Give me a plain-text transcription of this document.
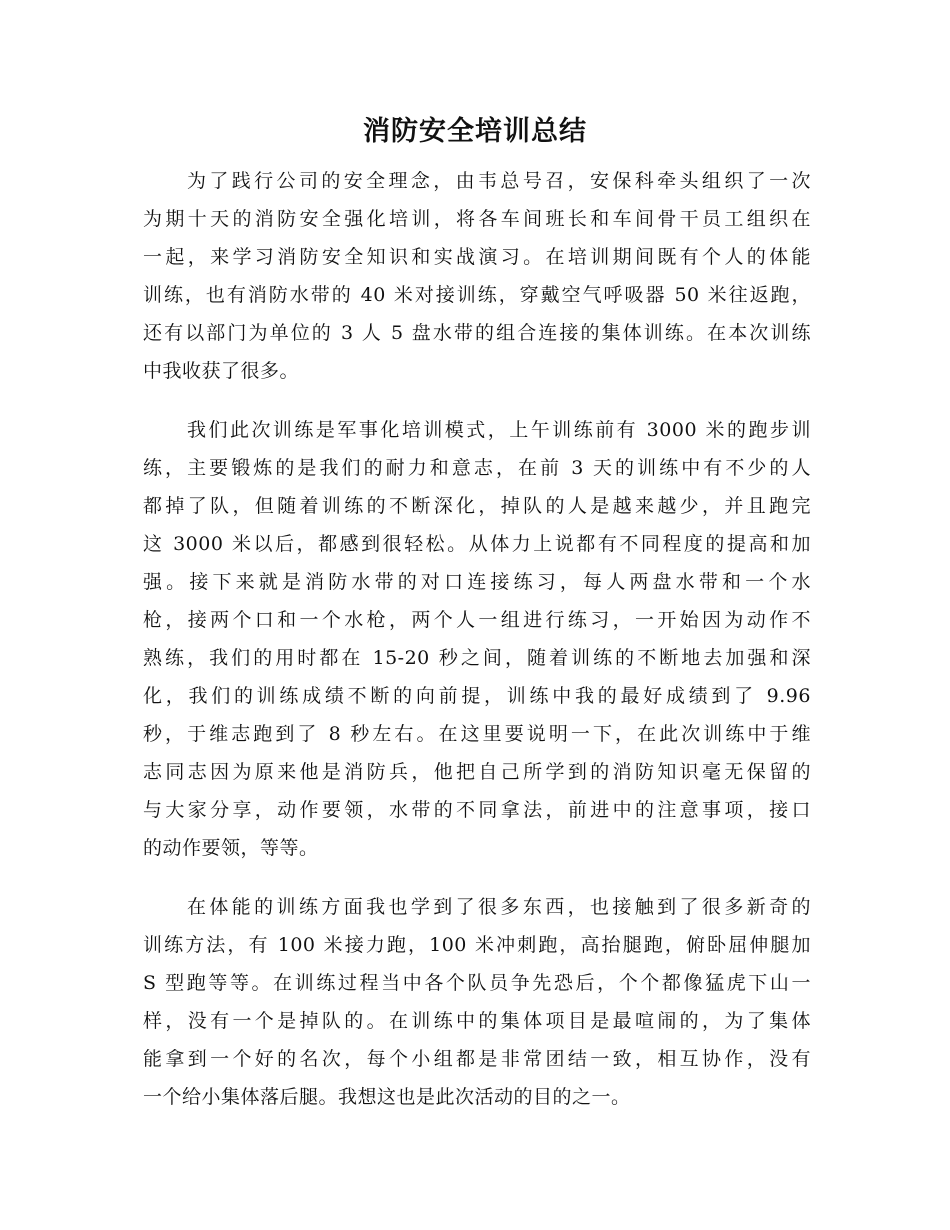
消防安全培训总结

为了践行公司的安全理念，由韦总号召，安保科牵头组织了一次
为期十天的消防安全强化培训，将各车间班长和车间骨干员工组织在
一起，来学习消防安全知识和实战演习。在培训期间既有个人的体能
训练，也有消防水带的 40 米对接训练，穿戴空气呼吸器 50 米往返跑，
还有以部门为单位的 3 人 5 盘水带的组合连接的集体训练。在本次训练
中我收获了很多。

我们此次训练是军事化培训模式，上午训练前有 3000 米的跑步训
练，主要锻炼的是我们的耐力和意志，在前 3 天的训练中有不少的人
都掉了队，但随着训练的不断深化，掉队的人是越来越少，并且跑完
这 3000 米以后，都感到很轻松。从体力上说都有不同程度的提高和加
强。接下来就是消防水带的对口连接练习，每人两盘水带和一个水
枪，接两个口和一个水枪，两个人一组进行练习，一开始因为动作不
熟练，我们的用时都在 15-20 秒之间，随着训练的不断地去加强和深
化，我们的训练成绩不断的向前提，训练中我的最好成绩到了 9.96
秒，于维志跑到了 8 秒左右。在这里要说明一下，在此次训练中于维
志同志因为原来他是消防兵，他把自己所学到的消防知识毫无保留的
与大家分享，动作要领，水带的不同拿法，前进中的注意事项，接口
的动作要领，等等。

在体能的训练方面我也学到了很多东西，也接触到了很多新奇的
训练方法，有 100 米接力跑，100 米冲刺跑，高抬腿跑，俯卧屈伸腿加
S 型跑等等。在训练过程当中各个队员争先恐后，个个都像猛虎下山一
样，没有一个是掉队的。在训练中的集体项目是最喧闹的，为了集体
能拿到一个好的名次，每个小组都是非常团结一致，相互协作，没有
一个给小集体落后腿。我想这也是此次活动的目的之一。
